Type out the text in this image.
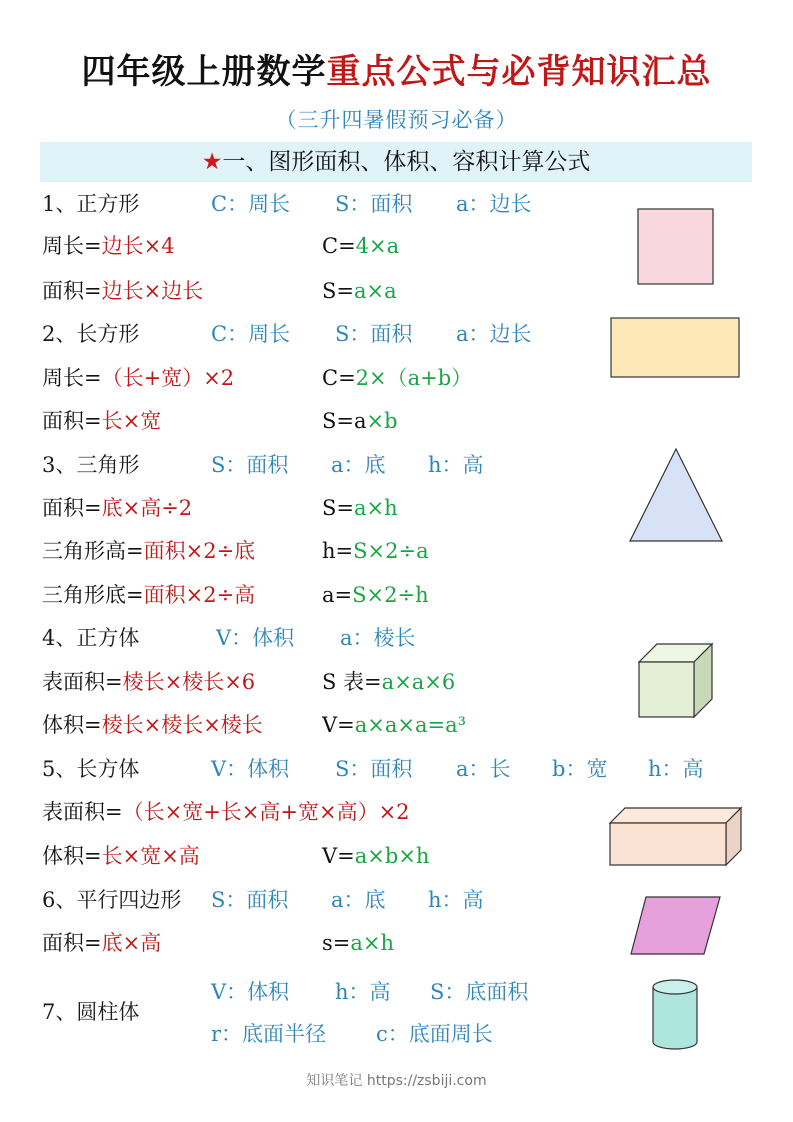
四年级上册数学重点公式与必背知识汇总
（三升四暑假预习必备）
★一、图形面积、体积、容积计算公式
1、正方形	C：周长 S：面积 a：边长
周长=边长×4	C=4×a
面积=边长×边长	S=a×a
2、长方形	C：周长 S：面积 a：边长
周长=（长+宽）×2	C=2×（a+b）
面积=长×宽	S=a×b
3、三角形	S：面积 a：底 h：高
面积=底×高÷2	S=a×h
三角形高=面积×2÷底	h=S×2÷a
三角形底=面积×2÷高	a=S×2÷h
4、正方体	V：体积 a：棱长
表面积=棱长×棱长×6	S 表=a×a×6
体积=棱长×棱长×棱长	V=a×a×a=a³
5、长方体	V：体积 S：面积 a：长 b：宽 h：高
表面积=（长×宽+长×高+宽×高）×2
体积=长×宽×高	V=a×b×h
6、平行四边形 S：面积 a：底 h：高
面积=底×高	s=a×h
7、圆柱体
V：体积 h：高 S：底面积
r：底面半径 c：底面周长
知识笔记 https://zsbiji.com
